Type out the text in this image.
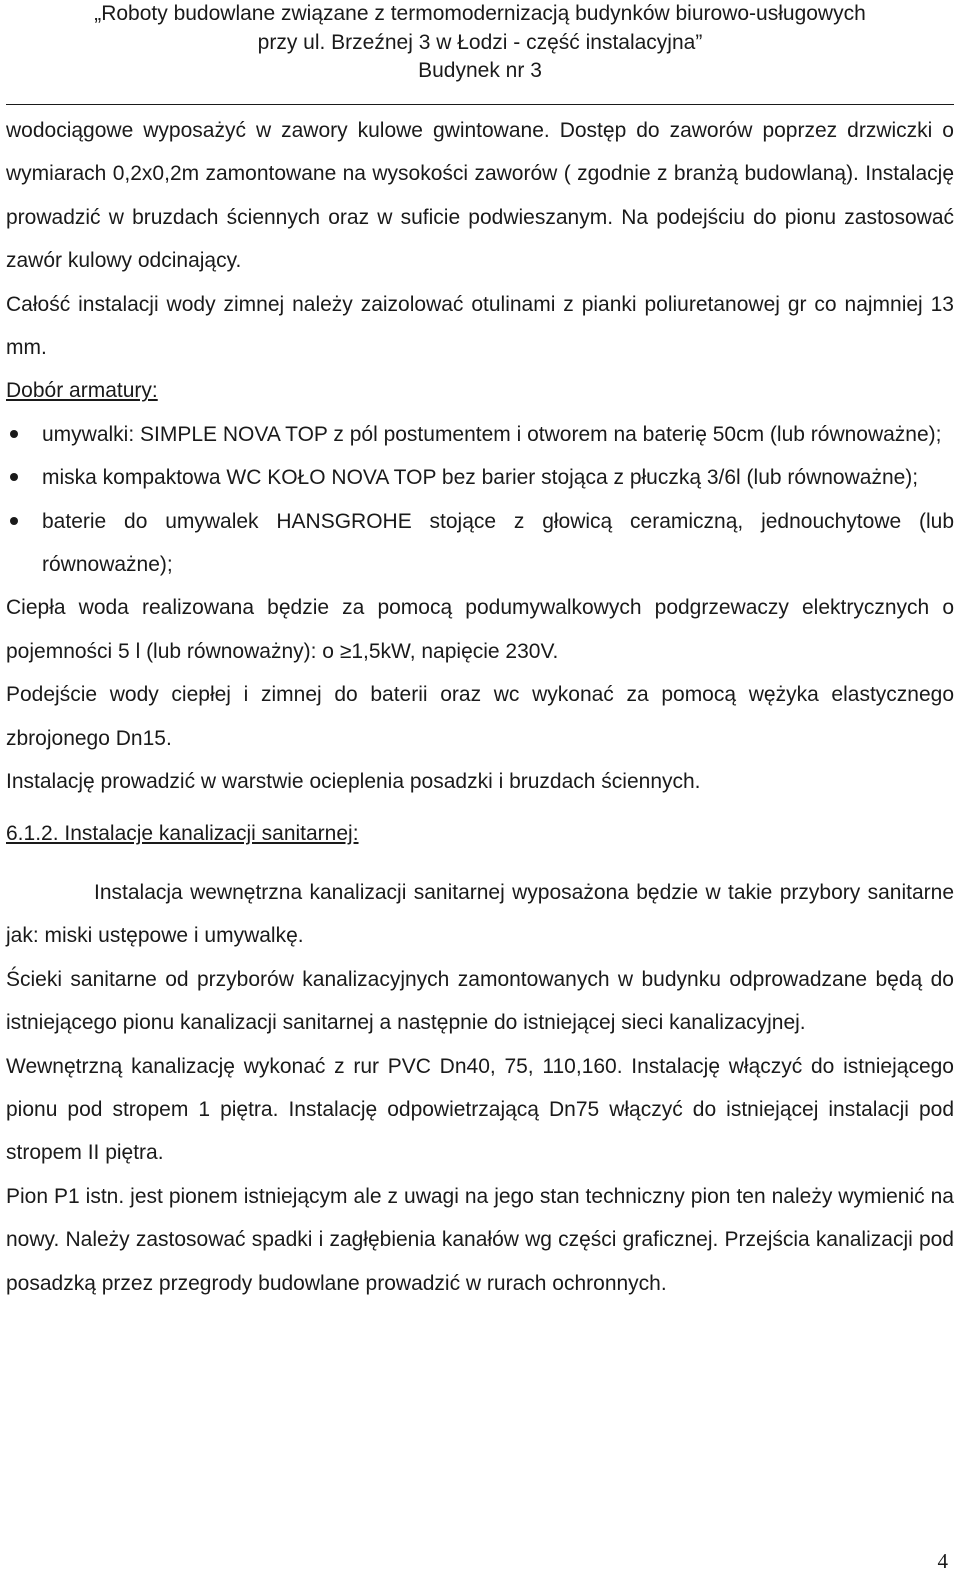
„Roboty budowlane związane z termomodernizacją budynków biurowo-usługowych
przy ul. Brzeźnej 3 w Łodzi - część instalacyjna”
Budynek nr 3

wodociągowe wyposażyć w zawory kulowe gwintowane. Dostęp do zaworów poprzez drzwiczki o wymiarach 0,2x0,2m zamontowane na wysokości zaworów ( zgodnie z branżą budowlaną). Instalację prowadzić w bruzdach ściennych oraz w suficie podwieszanym. Na podejściu do pionu zastosować zawór kulowy odcinający.

Całość instalacji wody zimnej należy zaizolować otulinami z pianki poliuretanowej gr co najmniej 13 mm.

Dobór armatury:

umywalki: SIMPLE NOVA TOP z pól postumentem i otworem na baterię 50cm (lub równoważne);
miska kompaktowa WC KOŁO NOVA TOP bez barier stojąca z płuczką 3/6l (lub równoważne);
baterie do umywalek HANSGROHE stojące z głowicą ceramiczną, jednouchytowe (lub równoważne);

Ciepła woda realizowana będzie za pomocą podumywalkowych podgrzewaczy elektrycznych o pojemności 5 l (lub równoważny): o ≥1,5kW, napięcie 230V.

Podejście wody ciepłej i zimnej do baterii oraz wc wykonać za pomocą wężyka elastycznego zbrojonego Dn15.

Instalację prowadzić w warstwie ocieplenia posadzki i bruzdach ściennych.

6.1.2. Instalacje kanalizacji sanitarnej:

Instalacja wewnętrzna kanalizacji sanitarnej wyposażona będzie w takie przybory sanitarne jak: miski ustępowe i umywalkę.

Ścieki sanitarne od przyborów kanalizacyjnych zamontowanych w budynku odprowadzane będą do istniejącego pionu kanalizacji sanitarnej a następnie do istniejącej sieci kanalizacyjnej.

Wewnętrzną kanalizację wykonać z rur PVC Dn40, 75, 110,160. Instalację włączyć do istniejącego pionu pod stropem 1 piętra. Instalację odpowietrzającą Dn75 włączyć do istniejącej instalacji pod stropem II piętra.

Pion P1 istn. jest pionem istniejącym ale z uwagi na jego stan techniczny pion ten należy wymienić na nowy. Należy zastosować spadki i zagłębienia kanałów wg części graficznej. Przejścia kanalizacji pod posadzką przez przegrody budowlane prowadzić w rurach ochronnych.

4
